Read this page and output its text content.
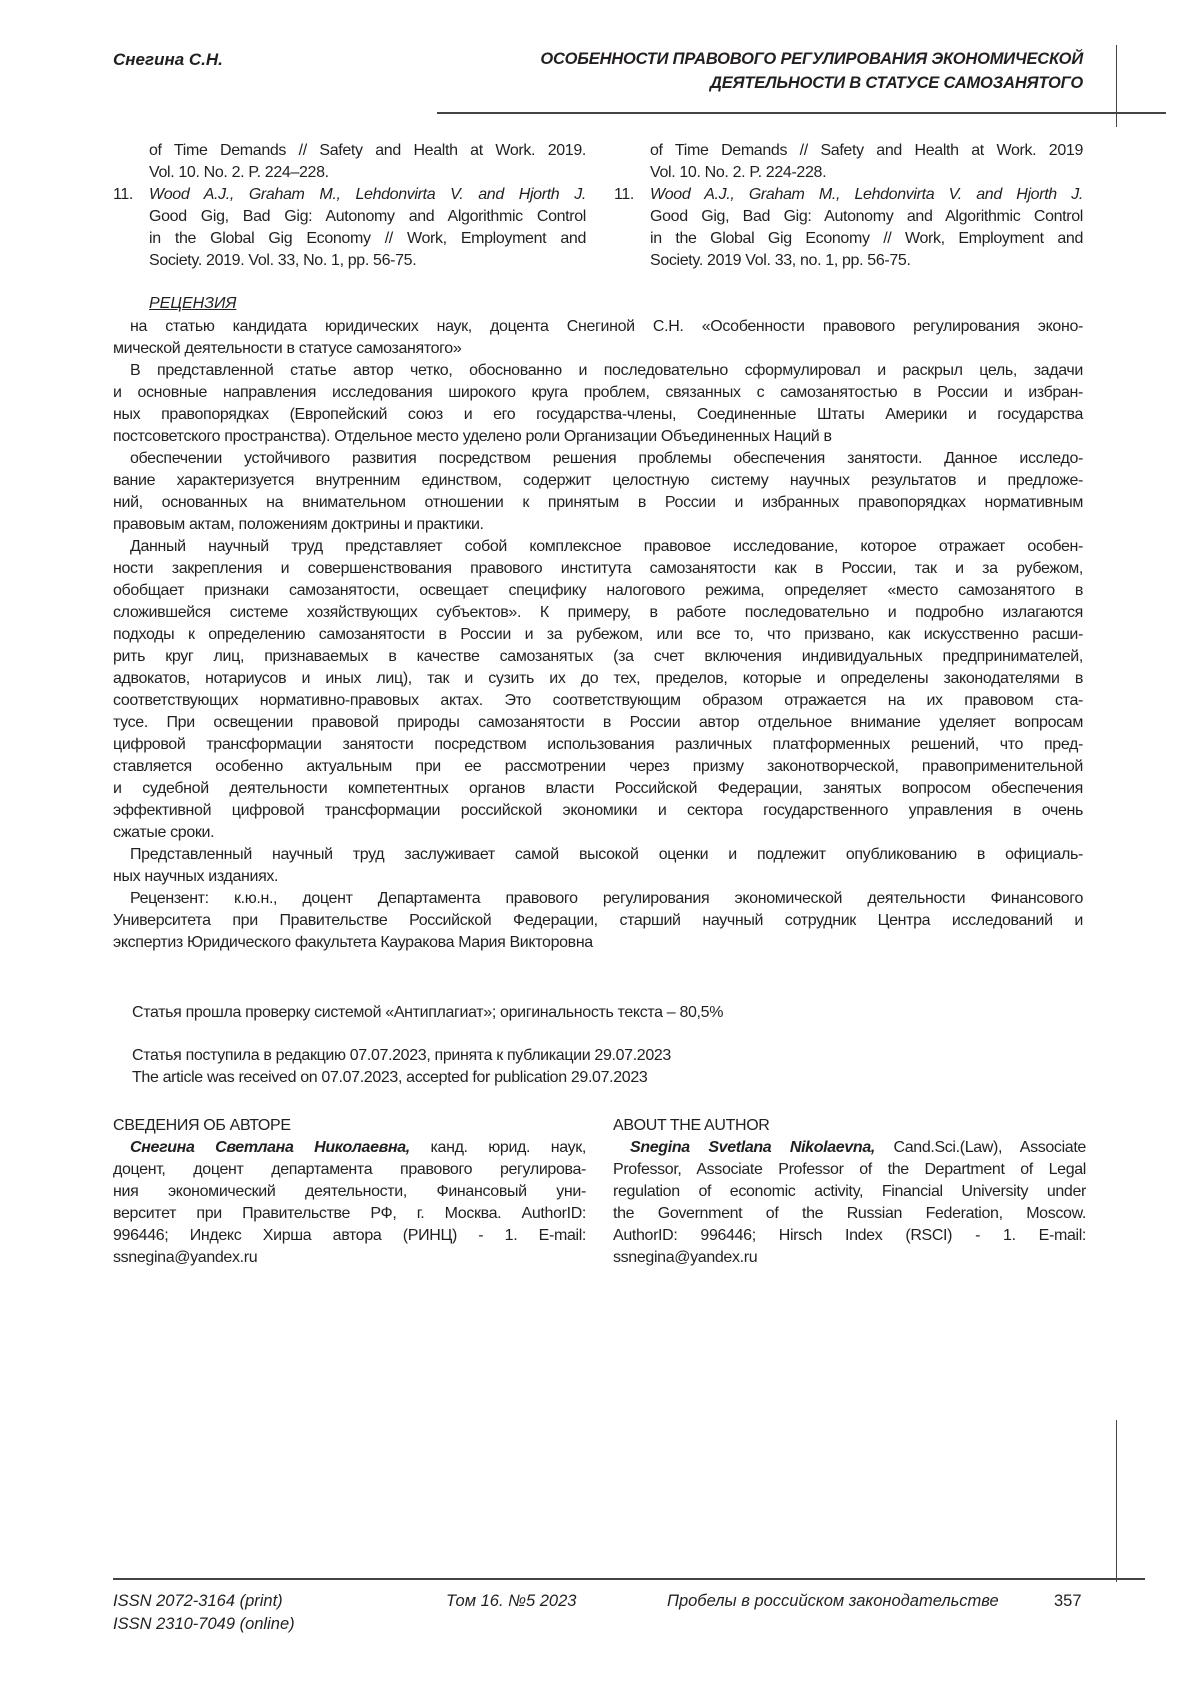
Снегина С.Н.	ОСОБЕННОСТИ ПРАВОВОГО РЕГУЛИРОВАНИЯ ЭКОНОМИЧЕСКОЙ
ДЕЯТЕЛЬНОСТИ В СТАТУСЕ САМОЗАНЯТОГО
of Time Demands // Safety and Health at Work. 2019.
Vol. 10. No. 2. P. 224–228.
11. Wood A.J., Graham M., Lehdonvirta V. and Hjorth J.
Good Gig, Bad Gig: Autonomy and Algorithmic Control
in the Global Gig Economy // Work, Employment and
Society. 2019. Vol. 33, No. 1, pp. 56-75.
of Time Demands // Safety and Health at Work. 2019
Vol. 10. No. 2. P. 224-228.
11. Wood A.J., Graham M., Lehdonvirta V. and Hjorth J.
Good Gig, Bad Gig: Autonomy and Algorithmic Control
in the Global Gig Economy // Work, Employment and
Society. 2019 Vol. 33, no. 1, pp. 56-75.
РЕЦЕНЗИЯ
на статью кандидата юридических наук, доцента Снегиной С.Н. «Особенности правового регулирования эконо-
мической деятельности в статусе самозанятого»
В представленной статье автор четко, обоснованно и последовательно сформулировал и раскрыл цель, задачи
и основные направления исследования широкого круга проблем, связанных с самозанятостью в России и избран-
ных правопорядках (Европейский союз и его государства-члены, Соединенные Штаты Америки и государства
постсоветского пространства). Отдельное место уделено роли Организации Объединенных Наций в
обеспечении устойчивого развития посредством решения проблемы обеспечения занятости. Данное исследо-
вание характеризуется внутренним единством, содержит целостную систему научных результатов и предложе-
ний, основанных на внимательном отношении к принятым в России и избранных правопорядках нормативным
правовым актам, положениям доктрины и практики.
Данный научный труд представляет собой комплексное правовое исследование, которое отражает особен-
ности закрепления и совершенствования правового института самозанятости как в России, так и за рубежом,
обобщает признаки самозанятости, освещает специфику налогового режима, определяет «место самозанятого в
сложившейся системе хозяйствующих субъектов». К примеру, в работе последовательно и подробно излагаются
подходы к определению самозанятости в России и за рубежом, или все то, что призвано, как искусственно расши-
рить круг лиц, признаваемых в качестве самозанятых (за счет включения индивидуальных предпринимателей,
адвокатов, нотариусов и иных лиц), так и сузить их до тех, пределов, которые и определены законодателями в
соответствующих нормативно-правовых актах. Это соответствующим образом отражается на их правовом ста-
тусе. При освещении правовой природы самозанятости в России автор отдельное внимание уделяет вопросам
цифровой трансформации занятости посредством использования различных платформенных решений, что пред-
ставляется особенно актуальным при ее рассмотрении через призму законотворческой, правоприменительной
и судебной деятельности компетентных органов власти Российской Федерации, занятых вопросом обеспечения
эффективной цифровой трансформации российской экономики и сектора государственного управления в очень
сжатые сроки.
Представленный научный труд заслуживает самой высокой оценки и подлежит опубликованию в официаль-
ных научных изданиях.
Рецензент: к.ю.н., доцент Департамента правового регулирования экономической деятельности Финансового
Университета при Правительстве Российской Федерации, старший научный сотрудник Центра исследований и
экспертиз Юридического факультета Кауракова Мария Викторовна
Статья прошла проверку системой «Антиплагиат»; оригинальность текста – 80,5%
Статья поступила в редакцию 07.07.2023, принята к публикации 29.07.2023
The article was received on 07.07.2023, accepted for publication 29.07.2023
СВЕДЕНИЯ ОБ АВТОРЕ
Снегина Светлана Николаевна, канд. юрид. наук,
доцент, доцент департамента правового регулирова-
ния экономический деятельности, Финансовый уни-
верситет при Правительстве РФ, г. Москва. AuthorID:
996446; Индекс Хирша автора (РИНЦ) - 1. E-mail:
ssnegina@yandex.ru
ABOUT THE AUTHOR
Snegina Svetlana Nikolaevna, Cand.Sci.(Law), Associate
Professor, Associate Professor of the Department of Legal
regulation of economic activity, Financial University under
the Government of the Russian Federation, Moscow.
AuthorID: 996446; Hirsch Index (RSCI) - 1. E-mail:
ssnegina@yandex.ru
ISSN 2072-3164 (print)
ISSN 2310-7049 (online)
Том 16. №5 2023	Пробелы в российском законодательстве	357
